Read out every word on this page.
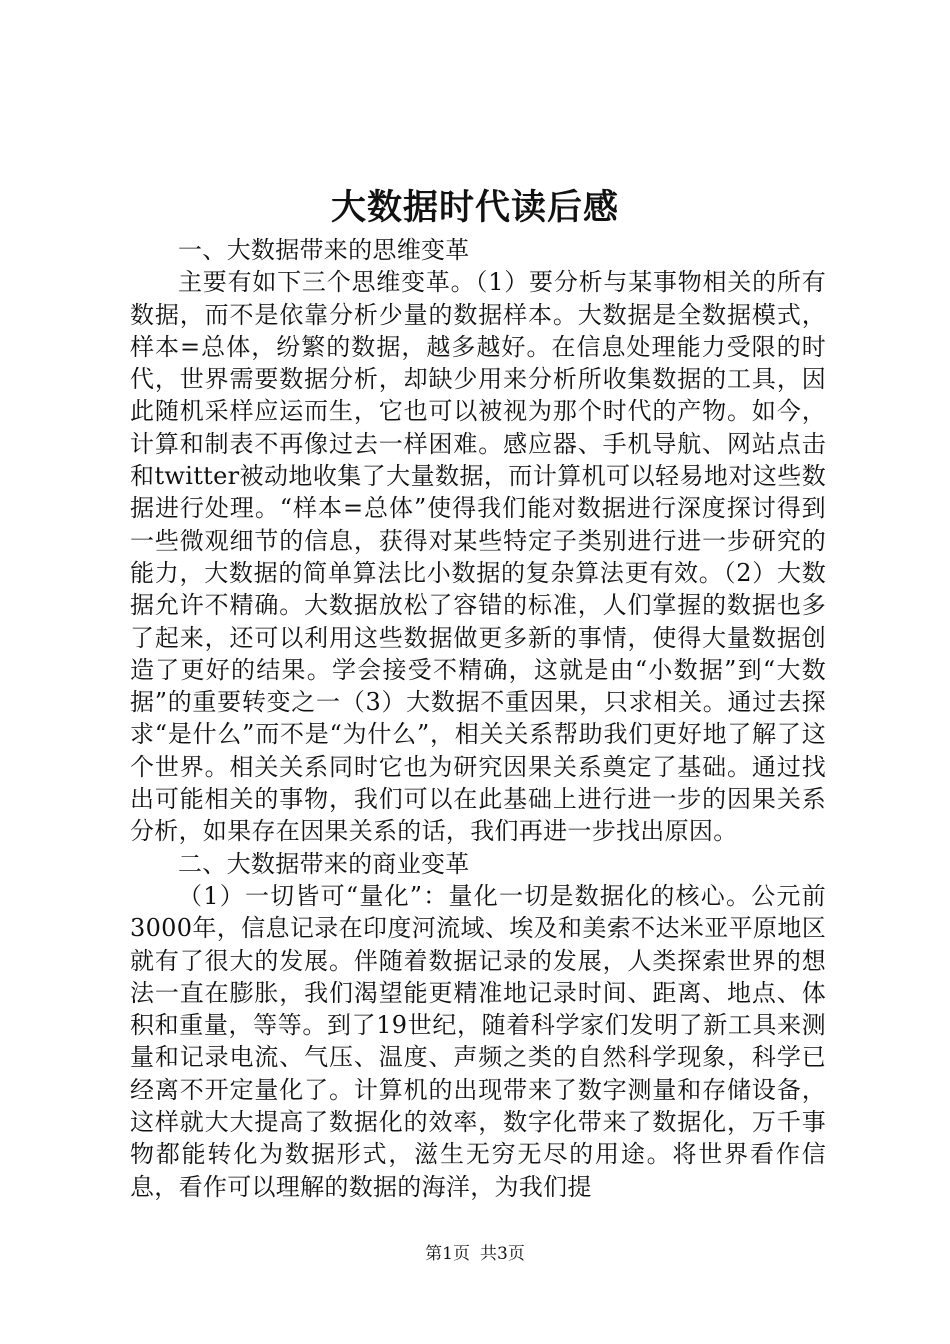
大数据时代读后感

一、大数据带来的思维变革

主要有如下三个思维变革。（1）要分析与某事物相关的所有数据，而不是依靠分析少量的数据样本。大数据是全数据模式，样本=总体，纷繁的数据，越多越好。在信息处理能力受限的时代，世界需要数据分析，却缺少用来分析所收集数据的工具，因此随机采样应运而生，它也可以被视为那个时代的产物。如今，计算和制表不再像过去一样困难。感应器、手机导航、网站点击和twitter被动地收集了大量数据，而计算机可以轻易地对这些数据进行处理。“样本=总体”使得我们能对数据进行深度探讨得到一些微观细节的信息，获得对某些特定子类别进行进一步研究的能力，大数据的简单算法比小数据的复杂算法更有效。（2）大数据允许不精确。大数据放松了容错的标准，人们掌握的数据也多了起来，还可以利用这些数据做更多新的事情，使得大量数据创造了更好的结果。学会接受不精确，这就是由“小数据”到“大数据”的重要转变之一（3）大数据不重因果，只求相关。通过去探求“是什么”而不是“为什么”，相关关系帮助我们更好地了解了这个世界。相关关系同时它也为研究因果关系奠定了基础。通过找出可能相关的事物，我们可以在此基础上进行进一步的因果关系分析，如果存在因果关系的话，我们再进一步找出原因。

二、大数据带来的商业变革

（1）一切皆可“量化”：量化一切是数据化的核心。公元前3000年，信息记录在印度河流域、埃及和美索不达米亚平原地区就有了很大的发展。伴随着数据记录的发展，人类探索世界的想法一直在膨胀，我们渴望能更精准地记录时间、距离、地点、体积和重量，等等。到了19世纪，随着科学家们发明了新工具来测量和记录电流、气压、温度、声频之类的自然科学现象，科学已经离不开定量化了。计算机的出现带来了数字测量和存储设备，这样就大大提高了数据化的效率，数字化带来了数据化，万千事物都能转化为数据形式，滋生无穷无尽的用途。将世界看作信息，看作可以理解的数据的海洋，为我们提

第1页 共3页
